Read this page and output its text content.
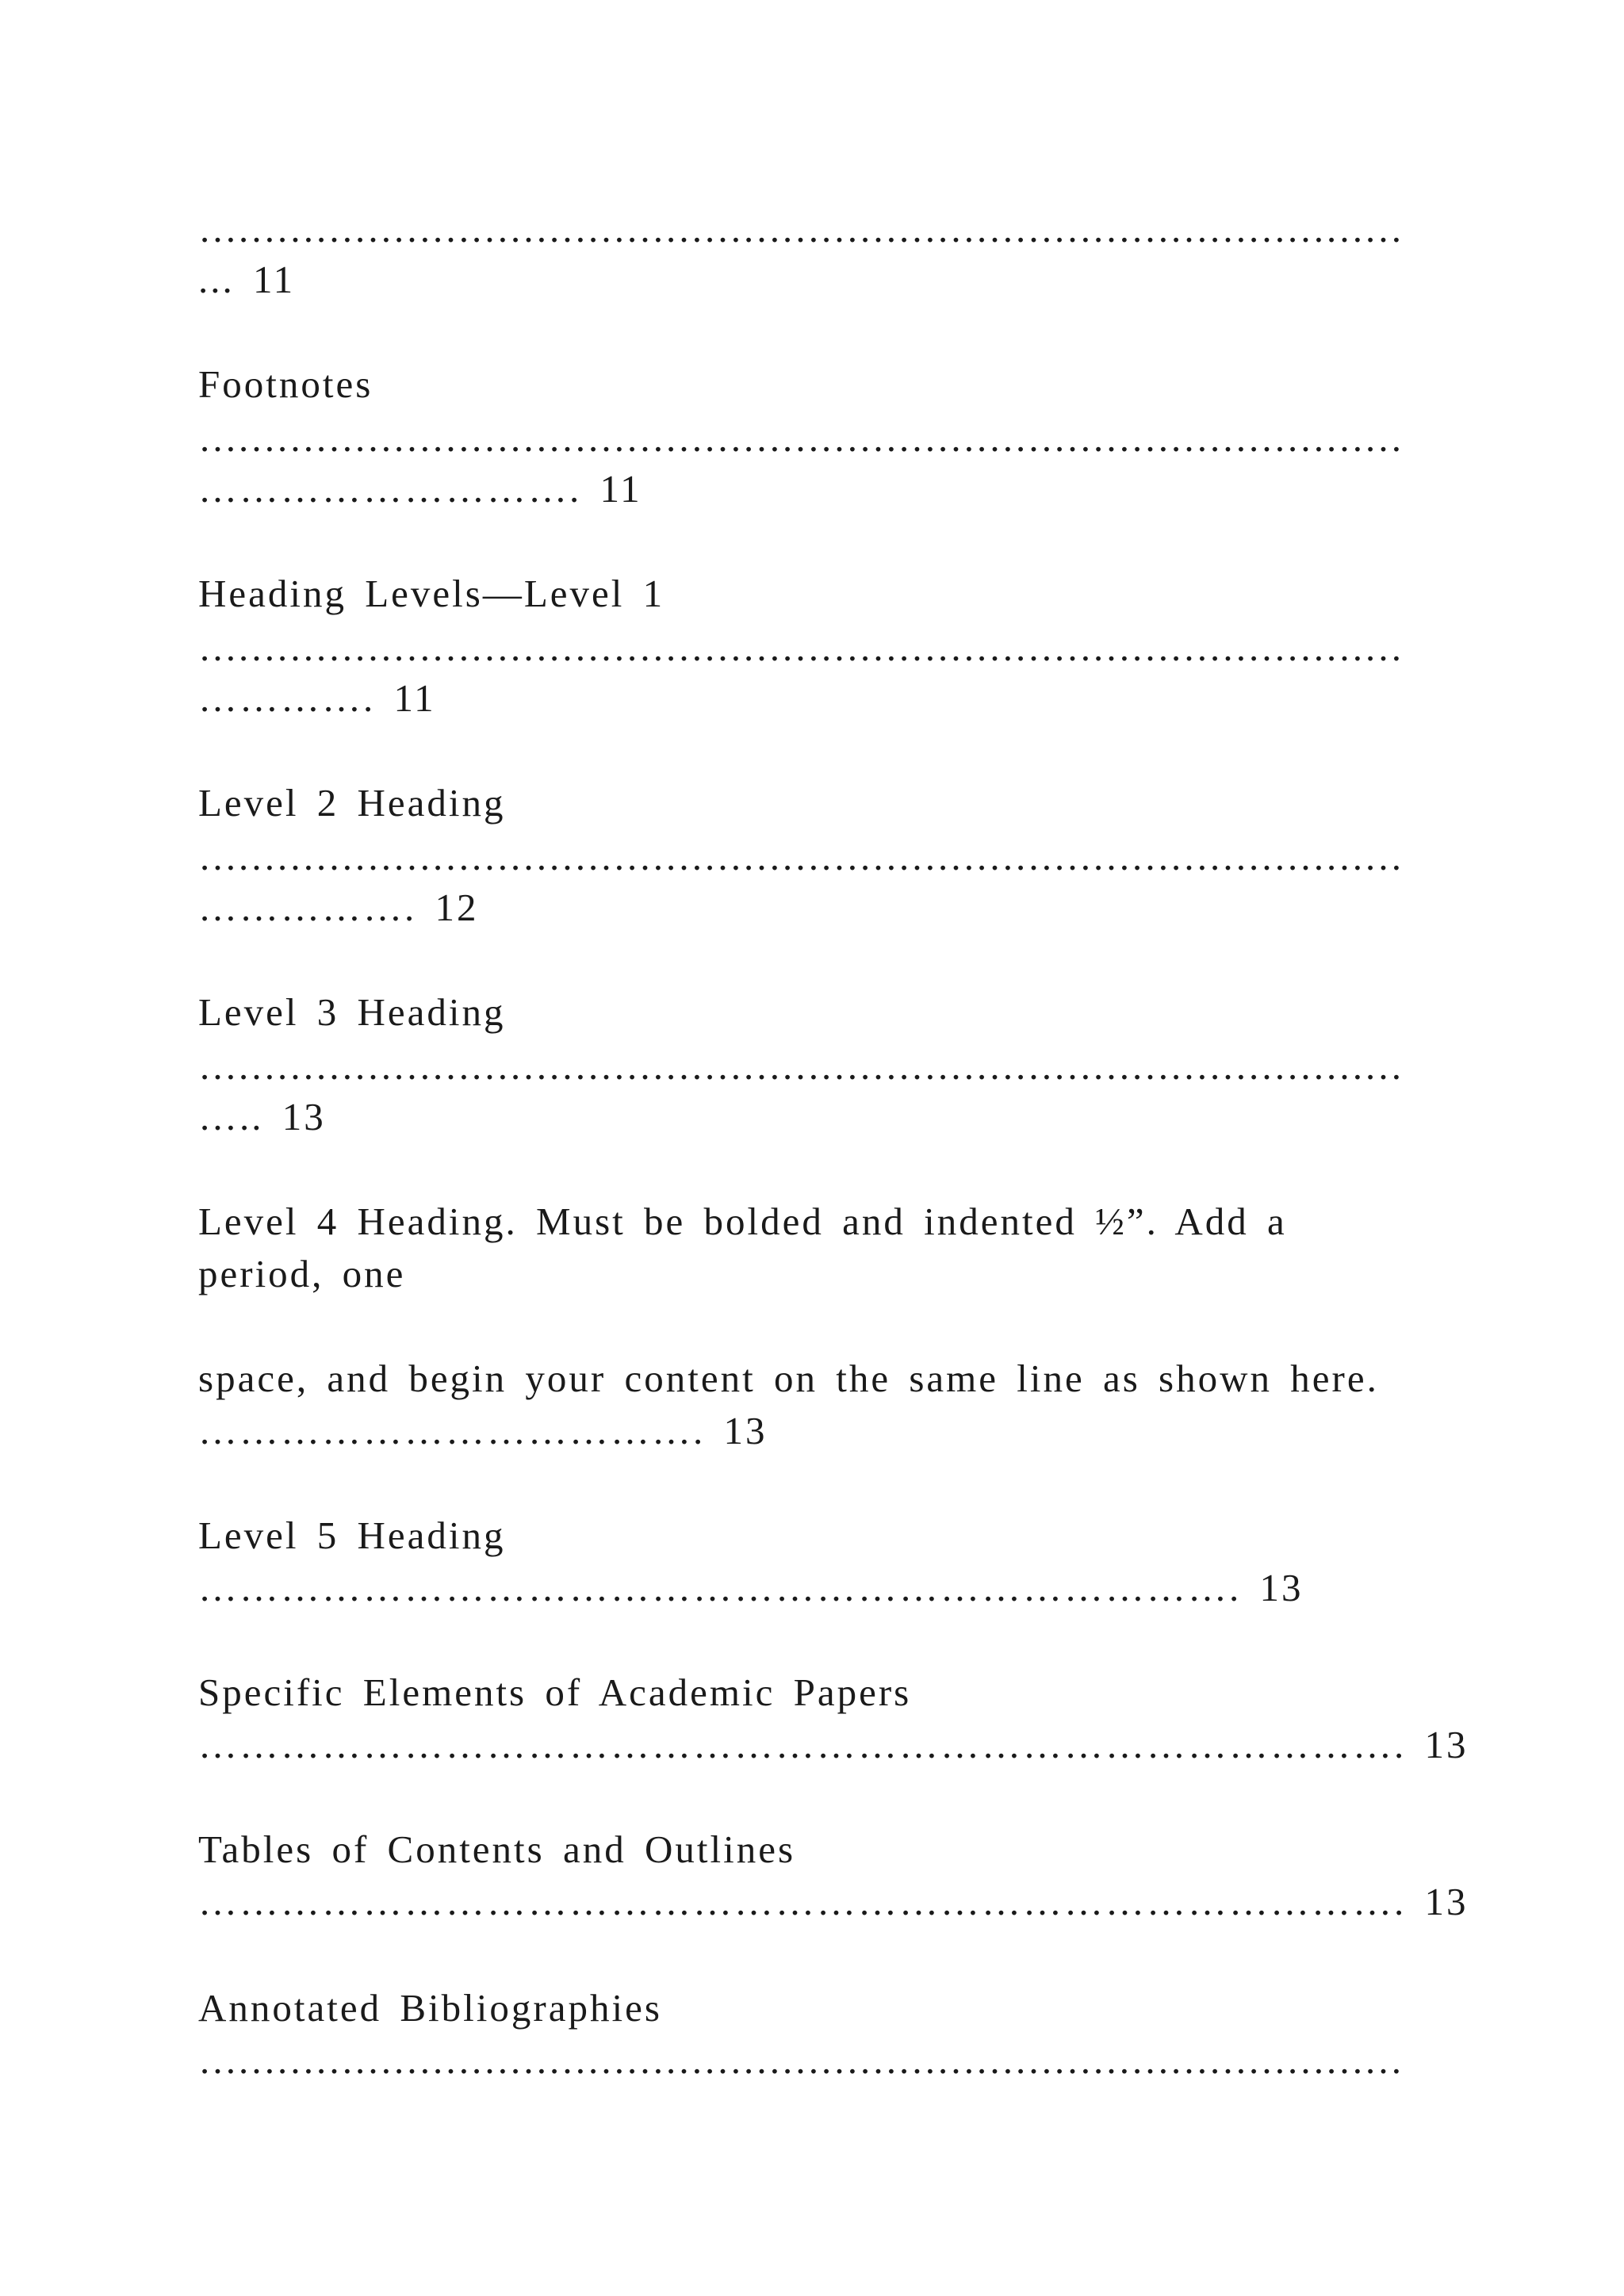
…………………………………………………………………………………
... 11
Footnotes
…………………………………………………………………………………
………………………. 11
Heading Levels—Level 1
…………………………………………………………………………………
…………. 11
Level 2 Heading
…………………………………………………………………………………
……………. 12
Level 3 Heading
…………………………………………………………………………………
….. 13
Level 4 Heading. Must be bolded and indented ½”. Add a
period, one
space, and begin your content on the same line as shown here.
………………………………. 13
Level 5 Heading
…………………………………………………………………. 13
Specific Elements of Academic Papers
……………………………………………………………………………. 13
Tables of Contents and Outlines
……………………………………………………………………………. 13
Annotated Bibliographies
…………………………………………………………………………………
